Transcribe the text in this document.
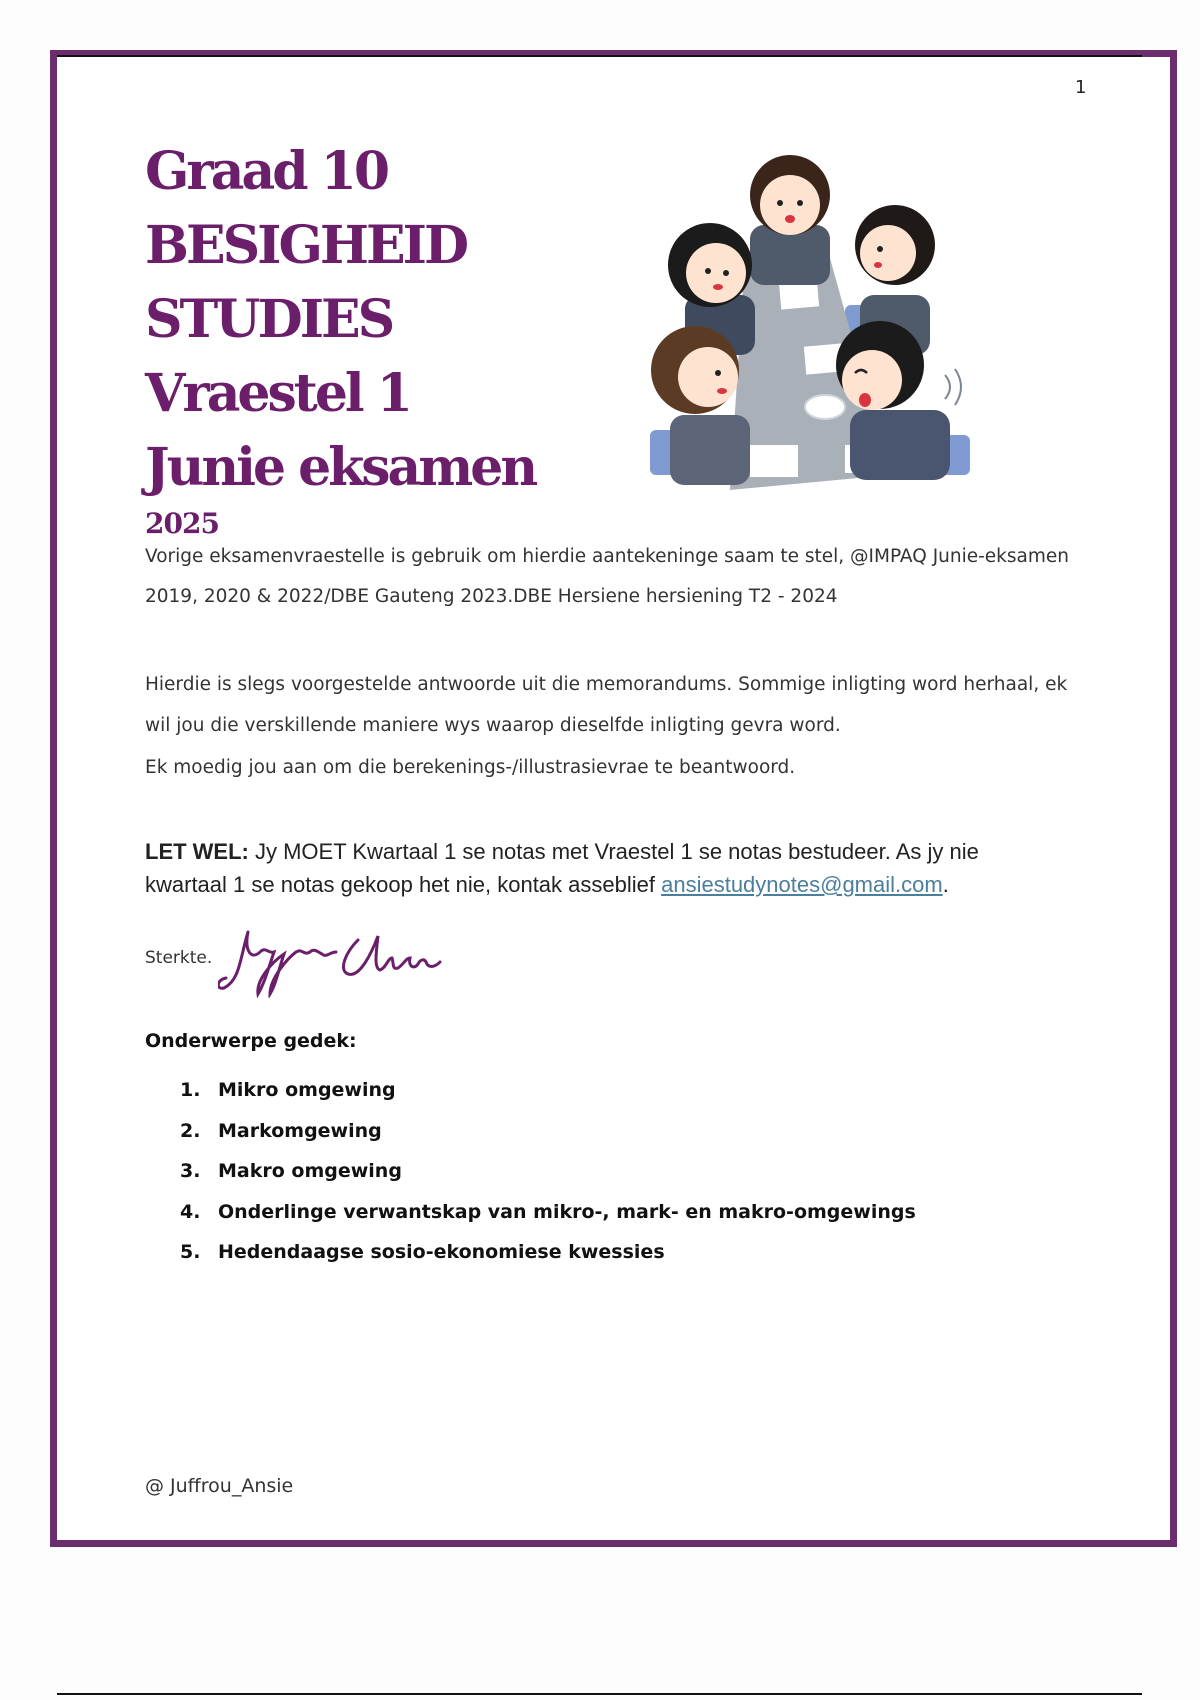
1
Graad 10
BESIGHEID
STUDIES
Vraestel 1
Junie eksamen
2025
Vorige eksamenvraestelle is gebruik om hierdie aantekeninge saam te stel, @IMPAQ Junie-eksamen
2019, 2020 & 2022/DBE Gauteng 2023.DBE Hersiene hersiening T2 - 2024
Hierdie is slegs voorgestelde antwoorde uit die memorandums. Sommige inligting word herhaal, ek
wil jou die verskillende maniere wys waarop dieselfde inligting gevra word.
Ek moedig jou aan om die berekenings-/illustrasievrae te beantwoord.
LET WEL: Jy MOET Kwartaal 1 se notas met Vraestel 1 se notas bestudeer. As jy nie kwartaal 1 se notas gekoop het nie, kontak asseblief ansiestudynotes@gmail.com.
Sterkte.
Onderwerpe gedek:
1. Mikro omgewing
2. Markomgewing
3. Makro omgewing
4. Onderlinge verwantskap van mikro-, mark- en makro-omgewings
5. Hedendaagse sosio-ekonomiese kwessies
@ Juffrou_Ansie
